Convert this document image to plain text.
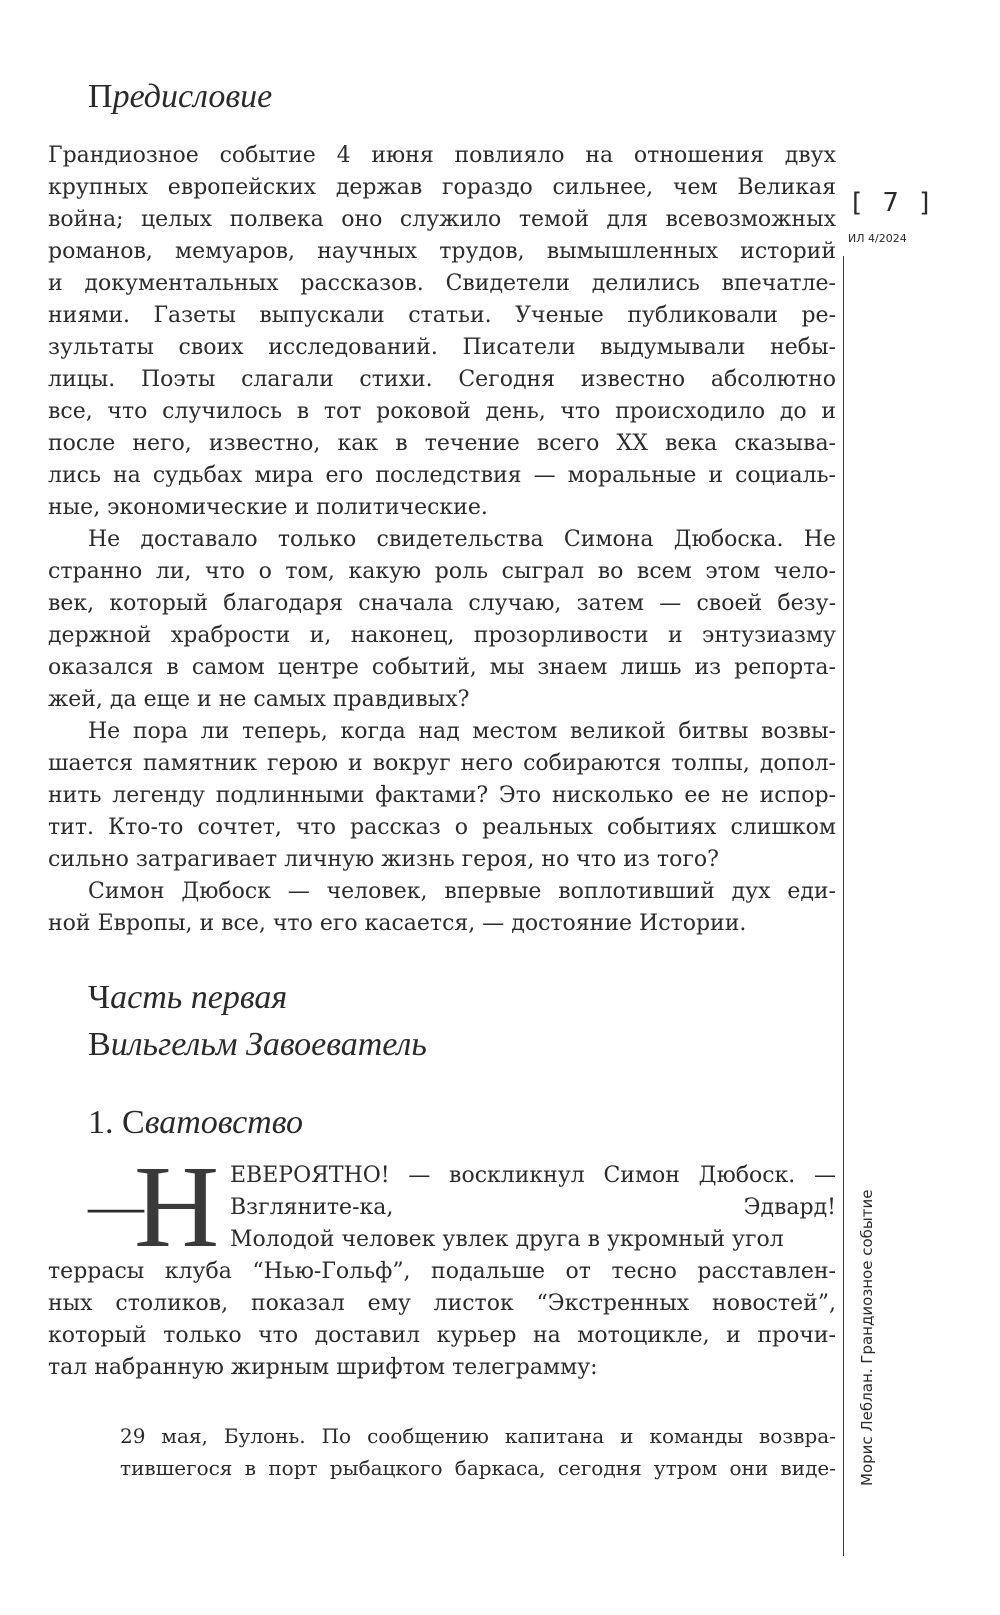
Предисловие

Грандиозное событие 4 июня повлияло на отношения двух
крупных европейских держав гораздо сильнее, чем Великая
война; целых полвека оно служило темой для всевозможных
романов, мемуаров, научных трудов, вымышленных историй
и документальных рассказов. Свидетели делились впечатле-
ниями. Газеты выпускали статьи. Ученые публиковали ре-
зультаты своих исследований. Писатели выдумывали небы-
лицы. Поэты слагали стихи. Сегодня известно абсолютно
все, что случилось в тот роковой день, что происходило до и
после него, известно, как в течение всего XX века сказыва-
лись на судьбах мира его последствия — моральные и социаль-
ные, экономические и политические.

Не доставало только свидетельства Симона Дюбоска. Не
странно ли, что о том, какую роль сыграл во всем этом чело-
век, который благодаря сначала случаю, затем — своей безу-
держной храбрости и, наконец, прозорливости и энтузиазму
оказался в самом центре событий, мы знаем лишь из репорта-
жей, да еще и не самых правдивых?

Не пора ли теперь, когда над местом великой битвы возвы-
шается памятник герою и вокруг него собираются толпы, допол-
нить легенду подлинными фактами? Это нисколько ее не испор-
тит. Кто-то сочтет, что рассказ о реальных событиях слишком
сильно затрагивает личную жизнь героя, но что из того?

Симон Дюбоск — человек, впервые воплотивший дух еди-
ной Европы, и все, что его касается, — достояние Истории.

Часть первая
Вильгельм Завоеватель
1. Сватовство
—
Н ЕВЕРОЯТНО! — воскликнул Симон Дюбоск. —
Взгляните-ка, Эдвард!
Молодой человек увлек друга в укромный угол
террасы клуба “Нью-Гольф”, подальше от тесно расставлен-
ных столиков, показал ему листок “Экстренных новостей”,
который только что доставил курьер на мотоцикле, и прочи-
тал набранную жирным шрифтом телеграмму:
29 мая, Булонь. По сообщению капитана и команды возвра-
тившегося в порт рыбацкого баркаса, сегодня утром они виде-
[ 7 ]
ИЛ 4/2024
Морис Леблан. Грандиозное событие
